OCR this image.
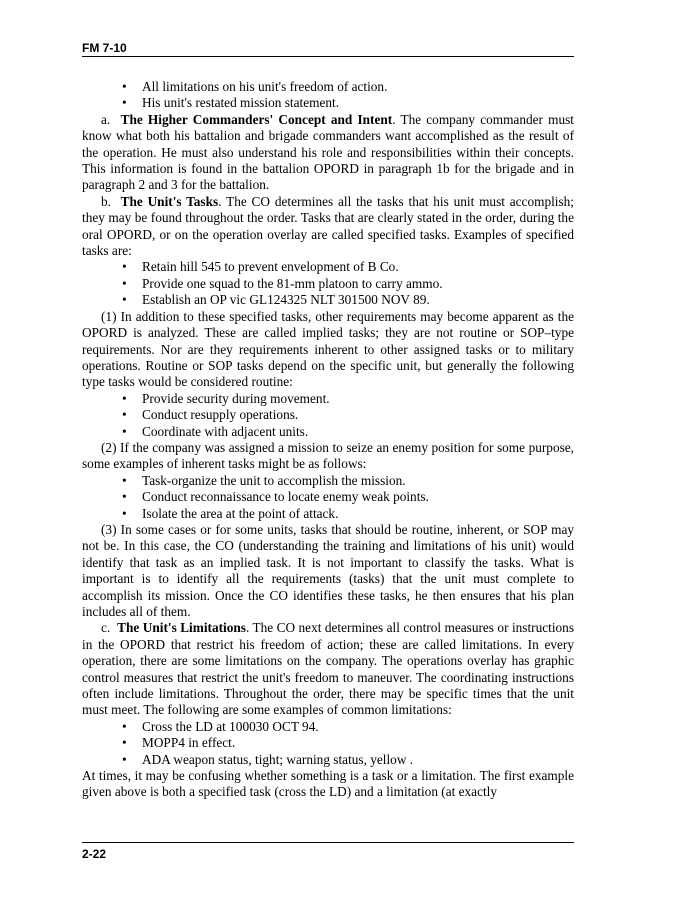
FM 7-10
• All limitations on his unit's freedom of action.
• His unit's restated mission statement.

a. The Higher Commanders' Concept and Intent. The company commander must know what both his battalion and brigade commanders want accomplished as the result of the operation. He must also understand his role and responsibilities within their concepts. This information is found in the battalion OPORD in paragraph 1b for the brigade and in paragraph 2 and 3 for the battalion.

b. The Unit's Tasks. The CO determines all the tasks that his unit must accomplish; they may be found throughout the order. Tasks that are clearly stated in the order, during the oral OPORD, or on the operation overlay are called specified tasks. Examples of specified tasks are:

• Retain hill 545 to prevent envelopment of B Co.
• Provide one squad to the 81-mm platoon to carry ammo.
• Establish an OP vic GL124325 NLT 301500 NOV 89.

(1) In addition to these specified tasks, other requirements may become apparent as the OPORD is analyzed. These are called implied tasks; they are not routine or SOP–type requirements. Nor are they requirements inherent to other assigned tasks or to military operations. Routine or SOP tasks depend on the specific unit, but generally the following type tasks would be considered routine:

• Provide security during movement.
• Conduct resupply operations.
• Coordinate with adjacent units.

(2) If the company was assigned a mission to seize an enemy position for some purpose, some examples of inherent tasks might be as follows:

• Task-organize the unit to accomplish the mission.
• Conduct reconnaissance to locate enemy weak points.
• Isolate the area at the point of attack.

(3) In some cases or for some units, tasks that should be routine, inherent, or SOP may not be. In this case, the CO (understanding the training and limitations of his unit) would identify that task as an implied task. It is not important to classify the tasks. What is important is to identify all the requirements (tasks) that the unit must complete to accomplish its mission. Once the CO identifies these tasks, he then ensures that his plan includes all of them.

c. The Unit's Limitations. The CO next determines all control measures or instructions in the OPORD that restrict his freedom of action; these are called limitations. In every operation, there are some limitations on the company. The operations overlay has graphic control measures that restrict the unit's freedom to maneuver. The coordinating instructions often include limitations. Throughout the order, there may be specific times that the unit must meet. The following are some examples of common limitations:

• Cross the LD at 100030 OCT 94.
• MOPP4 in effect.
• ADA weapon status, tight; warning status, yellow .

At times, it may be confusing whether something is a task or a limitation. The first example given above is both a specified task (cross the LD) and a limitation (at exactly

2-22
